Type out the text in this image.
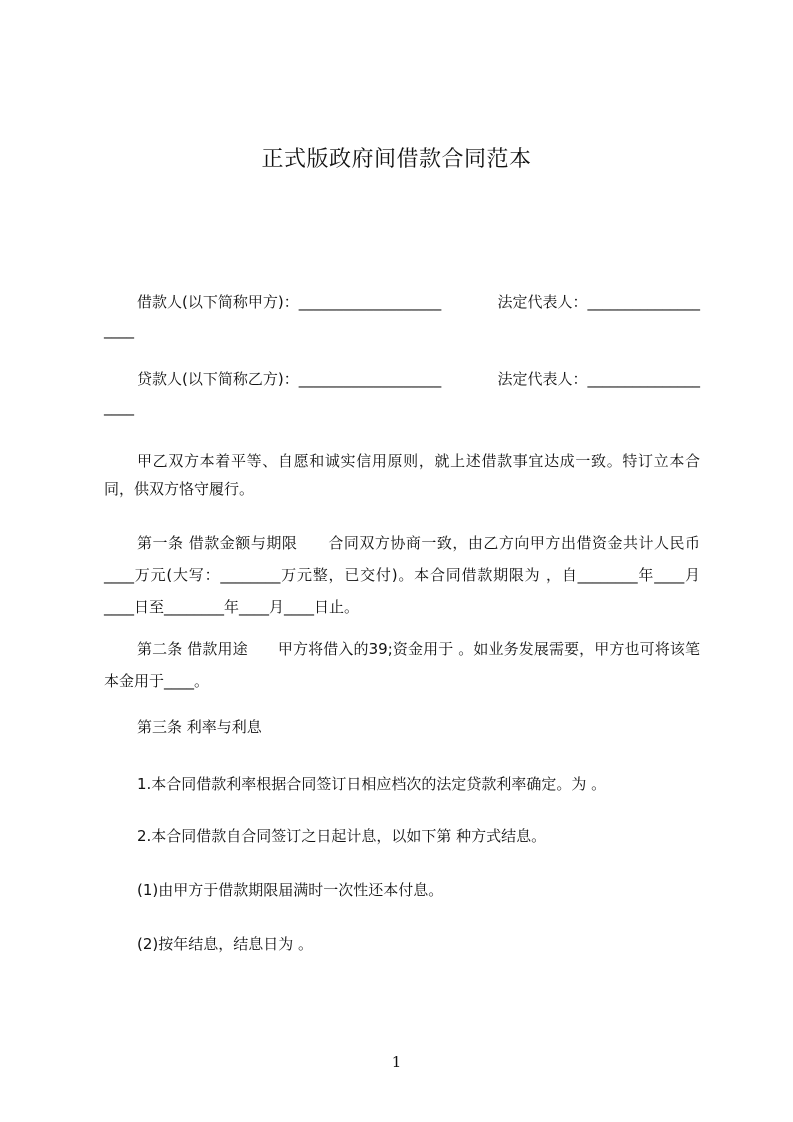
正式版政府间借款合同范本
借款人(以下简称甲方)：___________________	法定代表人：_______________
____
贷款人(以下简称乙方)：___________________	法定代表人：_______________
____

甲乙双方本着平等、自愿和诚实信用原则，就上述借款事宜达成一致。特订立本合同，供双方恪守履行。

第一条 借款金额与期限　　合同双方协商一致，由乙方向甲方出借资金共计人民币 ____万元(大写：________万元整，已交付)。本合同借款期限为 ，自________年____月____日至________年____月____日止。

第二条 借款用途　　甲方将借入的39;资金用于 。如业务发展需要，甲方也可将该笔本金用于____。

第三条 利率与利息

1.本合同借款利率根据合同签订日相应档次的法定贷款利率确定。为 。

2.本合同借款自合同签订之日起计息，以如下第 种方式结息。

(1)由甲方于借款期限届满时一次性还本付息。

(2)按年结息，结息日为 。

1
